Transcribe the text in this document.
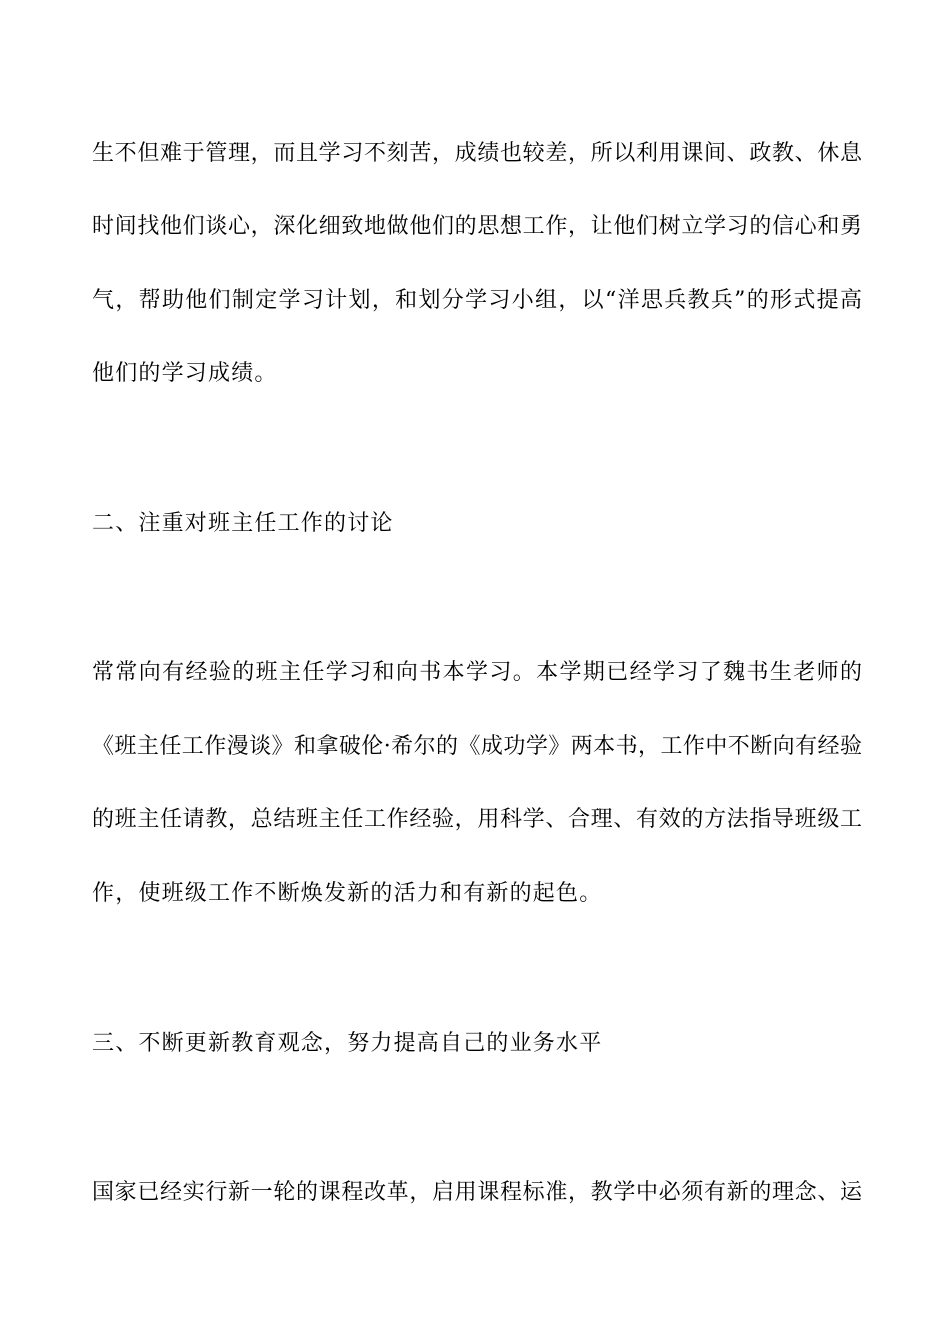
生不但难于管理，而且学习不刻苦，成绩也较差，所以利用课间、政教、休息
时间找他们谈心，深化细致地做他们的思想工作，让他们树立学习的信心和勇
气，帮助他们制定学习计划，和划分学习小组，以“洋思兵教兵”的形式提高
他们的学习成绩。
二、注重对班主任工作的讨论
常常向有经验的班主任学习和向书本学习。本学期已经学习了魏书生老师的
《班主任工作漫谈》和拿破伦·希尔的《成功学》两本书，工作中不断向有经验
的班主任请教，总结班主任工作经验，用科学、合理、有效的方法指导班级工
作，使班级工作不断焕发新的活力和有新的起色。
三、不断更新教育观念，努力提高自己的业务水平
国家已经实行新一轮的课程改革，启用课程标准，教学中必须有新的理念、运
